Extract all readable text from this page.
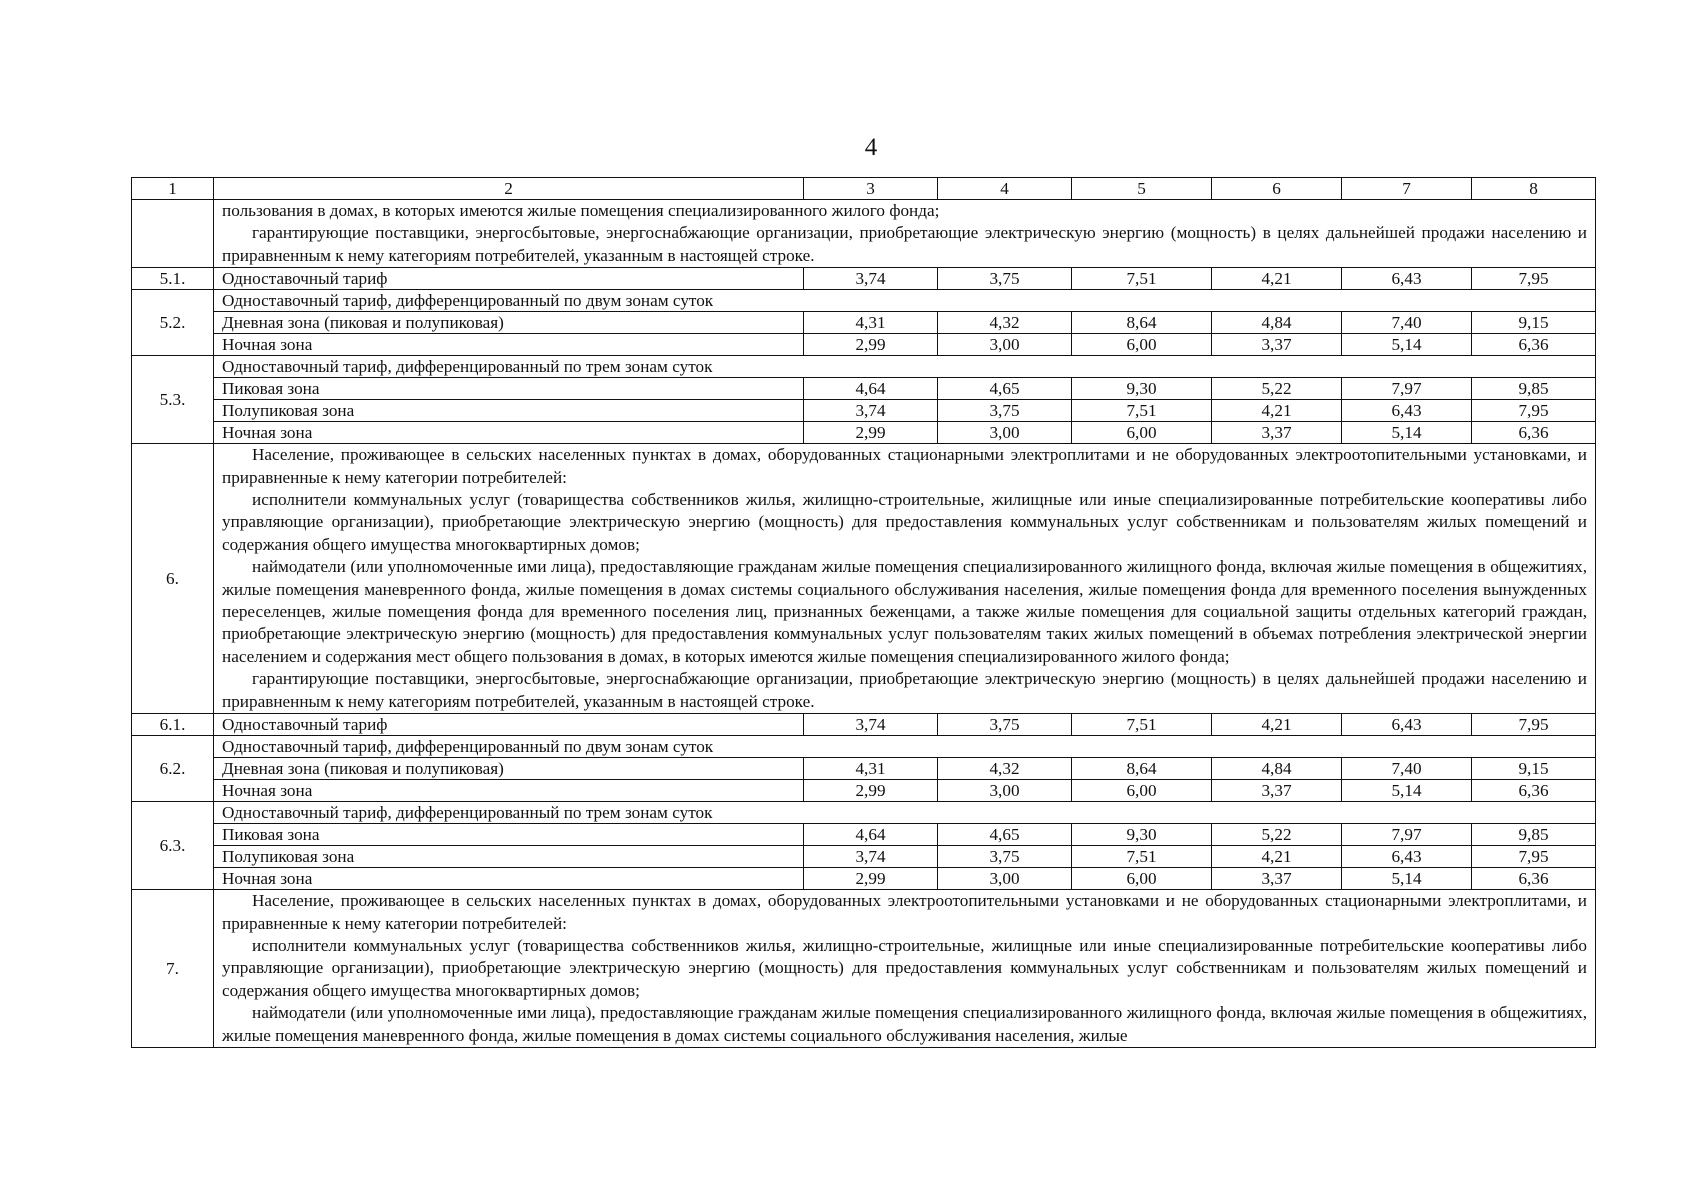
4
1	2	3	4	5	6	7	8

	пользования в домах, в которых имеются жилые помещения специализированного жилого фонда;

гарантирующие поставщики, энергосбытовые, энергоснабжающие организации, приобретающие электрическую энергию (мощность) в целях дальнейшей продажи населению и приравненным к нему категориям потребителей, указанным в настоящей строке.						

5.1.	Одноставочный тариф	3,74	3,75	7,51	4,21	6,43	7,95
5.2.	Одноставочный тариф, дифференцированный по двум зонам суток						
	Дневная зона (пиковая и полупиковая)	4,31	4,32	8,64	4,84	7,40	9,15
	Ночная зона	2,99	3,00	6,00	3,37	5,14	6,36
5.3.	Одноставочный тариф, дифференцированный по трем зонам суток						
	Пиковая зона	4,64	4,65	9,30	5,22	7,97	9,85
	Полупиковая зона	3,74	3,75	7,51	4,21	6,43	7,95
	Ночная зона	2,99	3,00	6,00	3,37	5,14	6,36
6.	Население, проживающее в сельских населенных пунктах в домах, оборудованных стационарными электроплитами и не оборудованных электроотопительными установками, и приравненные к нему категории потребителей:

исполнители коммунальных услуг (товарищества собственников жилья, жилищно-строительные, жилищные или иные специализированные потребительские кооперативы либо управляющие организации), приобретающие электрическую энергию (мощность) для предоставления коммунальных услуг собственникам и пользователям жилых помещений и содержания общего имущества многоквартирных домов;

наймодатели (или уполномоченные ими лица), предоставляющие гражданам жилые помещения специализированного жилищного фонда, включая жилые помещения в общежитиях, жилые помещения маневренного фонда, жилые помещения в домах системы социального обслуживания населения, жилые помещения фонда для временного поселения вынужденных переселенцев, жилые помещения фонда для временного поселения лиц, признанных беженцами, а также жилые помещения для социальной защиты отдельных категорий граждан, приобретающие электрическую энергию (мощность) для предоставления коммунальных услуг пользователям таких жилых помещений в объемах потребления электрической энергии населением и содержания мест общего пользования в домах, в которых имеются жилые помещения специализированного жилого фонда;

гарантирующие поставщики, энергосбытовые, энергоснабжающие организации, приобретающие электрическую энергию (мощность) в целях дальнейшей продажи населению и приравненным к нему категориям потребителей, указанным в настоящей строке.						

6.1.	Одноставочный тариф	3,74	3,75	7,51	4,21	6,43	7,95
6.2.	Одноставочный тариф, дифференцированный по двум зонам суток						
	Дневная зона (пиковая и полупиковая)	4,31	4,32	8,64	4,84	7,40	9,15
	Ночная зона	2,99	3,00	6,00	3,37	5,14	6,36
6.3.	Одноставочный тариф, дифференцированный по трем зонам суток						
	Пиковая зона	4,64	4,65	9,30	5,22	7,97	9,85
	Полупиковая зона	3,74	3,75	7,51	4,21	6,43	7,95
	Ночная зона	2,99	3,00	6,00	3,37	5,14	6,36
7.	Население, проживающее в сельских населенных пунктах в домах, оборудованных электроотопительными установками и не оборудованных стационарными электроплитами, и приравненные к нему категории потребителей:

исполнители коммунальных услуг (товарищества собственников жилья, жилищно-строительные, жилищные или иные специализированные потребительские кооперативы либо управляющие организации), приобретающие электрическую энергию (мощность) для предоставления коммунальных услуг собственникам и пользователям жилых помещений и содержания общего имущества многоквартирных домов;

наймодатели (или уполномоченные ими лица), предоставляющие гражданам жилые помещения специализированного жилищного фонда, включая жилые помещения в общежитиях, жилые помещения маневренного фонда, жилые помещения в домах системы социального обслуживания населения, жилые						
